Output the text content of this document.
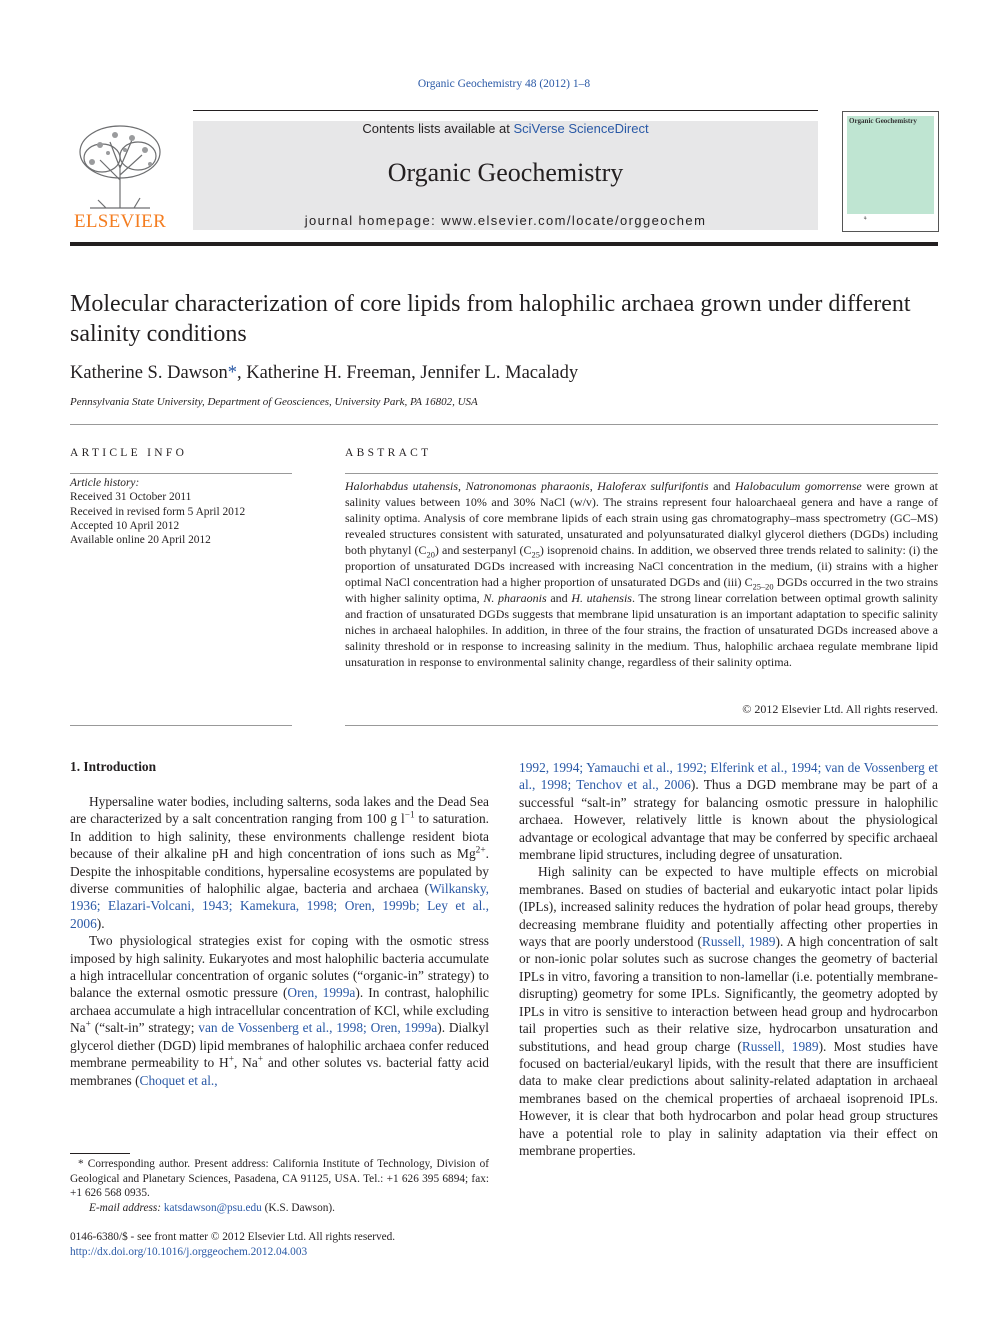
Organic Geochemistry 48 (2012) 1–8
ELSEVIER
Contents lists available at SciVerse ScienceDirect
Organic Geochemistry
journal homepage: www.elsevier.com/locate/orggeochem
Organic Geochemistry
⚘
Molecular characterization of core lipids from halophilic archaea grown under different salinity conditions
Katherine S. Dawson*, Katherine H. Freeman, Jennifer L. Macalady
Pennsylvania State University, Department of Geosciences, University Park, PA 16802, USA
ARTICLE INFO
Article history:
Received 31 October 2011
Received in revised form 5 April 2012
Accepted 10 April 2012
Available online 20 April 2012
ABSTRACT
Halorhabdus utahensis, Natronomonas pharaonis, Haloferax sulfurifontis and Halobaculum gomorrense were grown at salinity values between 10% and 30% NaCl (w/v). The strains represent four haloarchaeal genera and have a range of salinity optima. Analysis of core membrane lipids of each strain using gas chromatography–mass spectrometry (GC–MS) revealed structures consistent with saturated, unsaturated and polyunsaturated dialkyl glycerol diethers (DGDs) including both phytanyl $(C_{20})$ and sesterpanyl $(C_{25})$ isoprenoid chains. In addition, we observed three trends related to salinity: (i) the proportion of unsaturated DGDs increased with increasing NaCl concentration in the medium, (ii) strains with a higher optimal NaCl concentration had a higher proportion of unsaturated DGDs and (iii) $C_{25-20}$ DGDs occurred in the two strains with higher salinity optima, N. pharaonis and H. utahensis. The strong linear correlation between optimal growth salinity and fraction of unsaturated DGDs suggests that membrane lipid unsaturation is an important adaptation to specific salinity niches in archaeal halophiles. In addition, in three of the four strains, the fraction of unsaturated DGDs increased above a salinity threshold or in response to increasing salinity in the medium. Thus, halophilic archaea regulate membrane lipid unsaturation in response to environmental salinity change, regardless of their salinity optima.
© 2012 Elsevier Ltd. All rights reserved.
1. Introduction

Hypersaline water bodies, including salterns, soda lakes and the Dead Sea are characterized by a salt concentration ranging from 100 g $l^{-1}$ to saturation. In addition to high salinity, these environments challenge resident biota because of their alkaline pH and high concentration of ions such as $Mg^{2+}$. Despite the inhospitable conditions, hypersaline ecosystems are populated by diverse communities of halophilic algae, bacteria and archaea (Wilkansky, 1936; Elazari-Volcani, 1943; Kamekura, 1998; Oren, 1999b; Ley et al., 2006).

Two physiological strategies exist for coping with the osmotic stress imposed by high salinity. Eukaryotes and most halophilic bacteria accumulate a high intracellular concentration of organic solutes (“organic-in” strategy) to balance the external osmotic pressure (Oren, 1999a). In contrast, halophilic archaea accumulate a high intracellular concentration of KCl, while excluding Na+ (“salt-in” strategy; van de Vossenberg et al., 1998; Oren, 1999a). Dialkyl glycerol diether (DGD) lipid membranes of halophilic archaea confer reduced membrane permeability to H+, Na+ and other solutes vs. bacterial fatty acid membranes (Choquet et al.,

* Corresponding author. Present address: California Institute of Technology, Division of Geological and Planetary Sciences, Pasadena, CA 91125, USA. Tel.: +1 626 395 6894; fax: +1 626 568 0935.

E-mail address: katsdawson@psu.edu (K.S. Dawson).

0146-6380/$ - see front matter © 2012 Elsevier Ltd. All rights reserved.
http://dx.doi.org/10.1016/j.orggeochem.2012.04.003

1992, 1994; Yamauchi et al., 1992; Elferink et al., 1994; van de Vossenberg et al., 1998; Tenchov et al., 2006). Thus a DGD membrane may be part of a successful “salt-in” strategy for balancing osmotic pressure in halophilic archaea. However, relatively little is known about the physiological advantage or ecological advantage that may be conferred by specific archaeal membrane lipid structures, including degree of unsaturation.

High salinity can be expected to have multiple effects on microbial membranes. Based on studies of bacterial and eukaryotic intact polar lipids (IPLs), increased salinity reduces the hydration of polar head groups, thereby decreasing membrane fluidity and potentially affecting other properties in ways that are poorly understood (Russell, 1989). A high concentration of salt or non-ionic polar solutes such as sucrose changes the geometry of bacterial IPLs in vitro, favoring a transition to non-lamellar (i.e. potentially membrane-disrupting) geometry for some IPLs. Significantly, the geometry adopted by IPLs in vitro is sensitive to interaction between head group and hydrocarbon tail properties such as their relative size, hydrocarbon unsaturation and substitutions, and head group charge (Russell, 1989). Most studies have focused on bacterial/eukaryl lipids, with the result that there are insufficient data to make clear predictions about salinity-related adaptation in archaeal membranes based on the chemical properties of archaeal isoprenoid IPLs. However, it is clear that both hydrocarbon and polar head group structures have a potential role to play in salinity adaptation via their effect on membrane properties.
